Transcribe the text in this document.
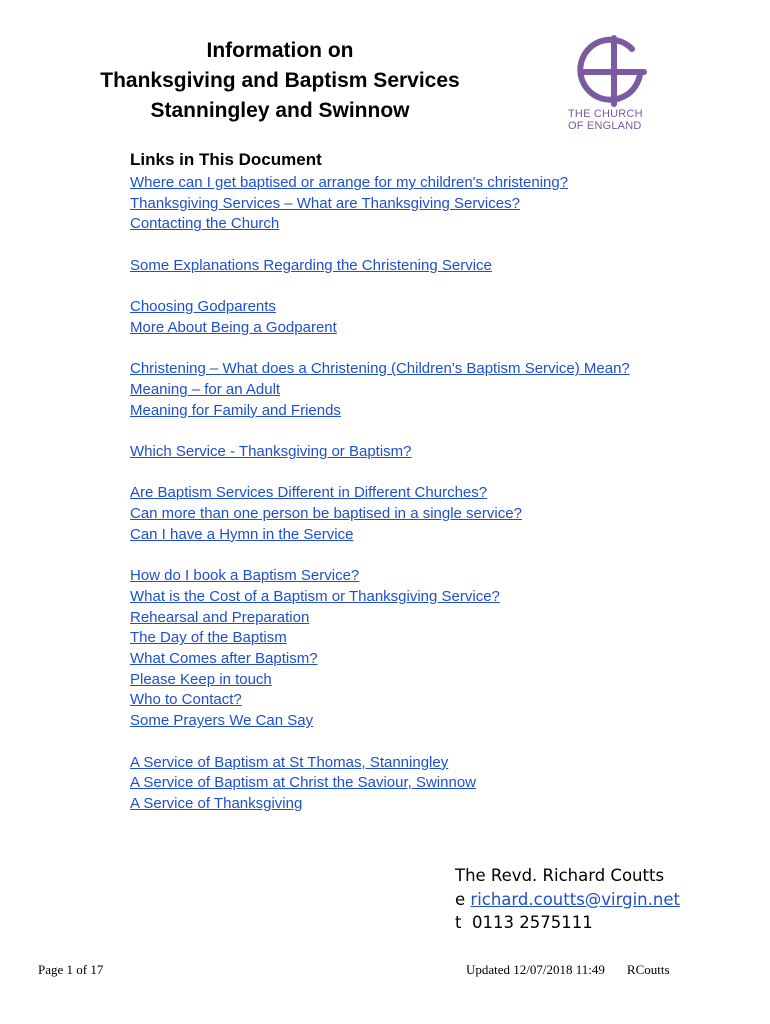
Information on
Thanksgiving and Baptism Services
Stanningley and Swinnow	THE CHURCH
OF ENGLAND
Links in This Document
Where can I get baptised or arrange for my children's christening?
Thanksgiving Services – What are Thanksgiving Services?
Contacting the Church
Some Explanations Regarding the Christening Service
Choosing Godparents
More About Being a Godparent
Christening – What does a Christening (Children's Baptism Service) Mean?
Meaning – for an Adult
Meaning for Family and Friends
Which Service - Thanksgiving or Baptism?
Are Baptism Services Different in Different Churches?
Can more than one person be baptised in a single service?
Can I have a Hymn in the Service
How do I book a Baptism Service?
What is the Cost of a Baptism or Thanksgiving Service?
Rehearsal and Preparation
The Day of the Baptism
What Comes after Baptism?
Please Keep in touch
Who to Contact?
Some Prayers We Can Say
A Service of Baptism at St Thomas, Stanningley
A Service of Baptism at Christ the Saviour, Swinnow
A Service of Thanksgiving
The Revd. Richard Coutts
e richard.coutts@virgin.net
t 0113 2575111
Page 1 of 17	Updated 12/07/2018 11:49 RCoutts
